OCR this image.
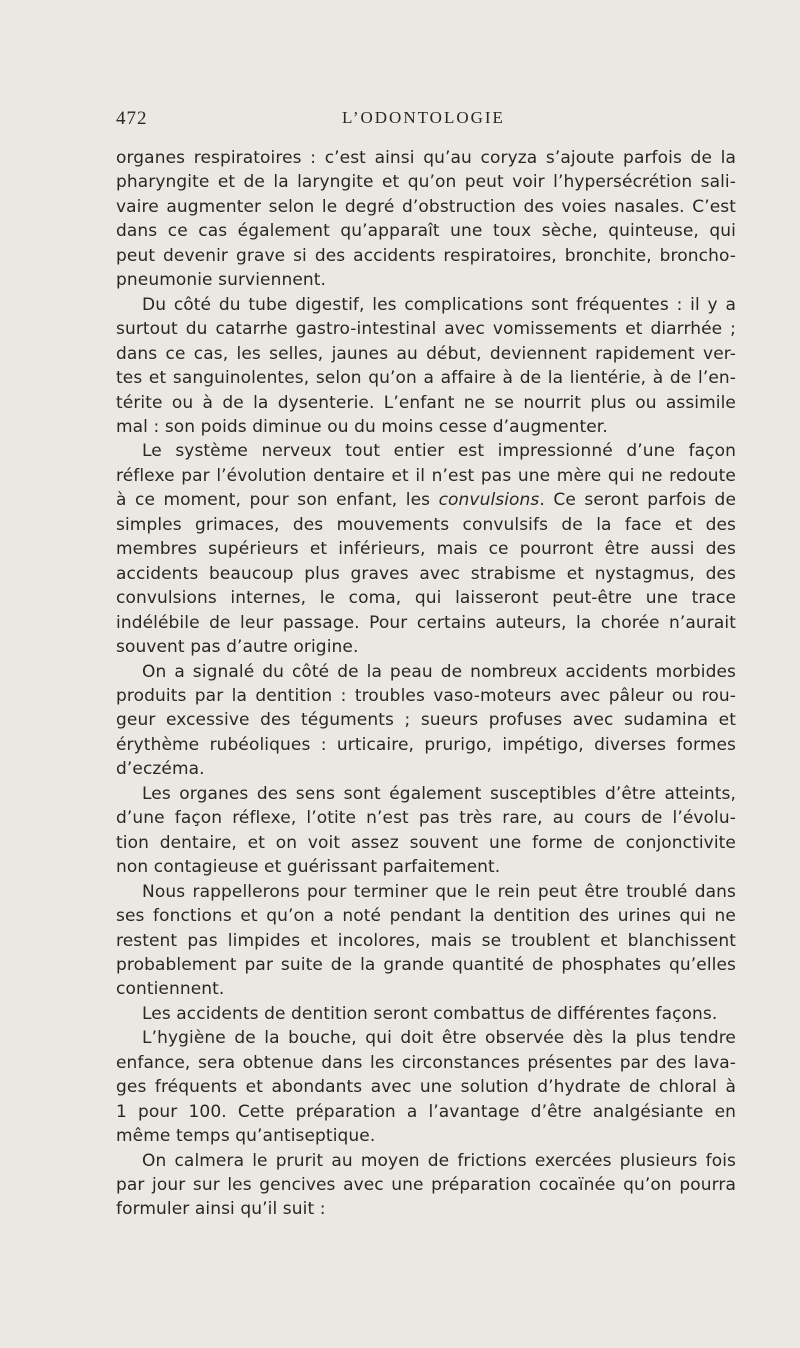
472	L’ODONTOLOGIE
organes respiratoires : c’est ainsi qu’au coryza s’ajoute parfois de la
pharyngite et de la laryngite et qu’on peut voir l’hypersécrétion sali-
vaire augmenter selon le degré d’obstruction des voies nasales. C’est
dans ce cas également qu’apparaît une toux sèche, quinteuse, qui
peut devenir grave si des accidents respiratoires, bronchite, broncho-
pneumonie surviennent.
Du côté du tube digestif, les complications sont fréquentes : il y a
surtout du catarrhe gastro-intestinal avec vomissements et diarrhée ;
dans ce cas, les selles, jaunes au début, deviennent rapidement ver-
tes et sanguinolentes, selon qu’on a affaire à de la lientérie, à de l’en-
térite ou à de la dysenterie. L’enfant ne se nourrit plus ou assimile
mal : son poids diminue ou du moins cesse d’augmenter.
Le système nerveux tout entier est impressionné d’une façon
réflexe par l’évolution dentaire et il n’est pas une mère qui ne redoute
à ce moment, pour son enfant, les convulsions. Ce seront parfois de
simples grimaces, des mouvements convulsifs de la face et des
membres supérieurs et inférieurs, mais ce pourront être aussi des
accidents beaucoup plus graves avec strabisme et nystagmus, des
convulsions internes, le coma, qui laisseront peut-être une trace
indélébile de leur passage. Pour certains auteurs, la chorée n’aurait
souvent pas d’autre origine.
On a signalé du côté de la peau de nombreux accidents morbides
produits par la dentition : troubles vaso-moteurs avec pâleur ou rou-
geur excessive des téguments ; sueurs profuses avec sudamina et
érythème rubéoliques : urticaire, prurigo, impétigo, diverses formes
d’eczéma.
Les organes des sens sont également susceptibles d’être atteints,
d’une façon réflexe, l’otite n’est pas très rare, au cours de l’évolu-
tion dentaire, et on voit assez souvent une forme de conjonctivite
non contagieuse et guérissant parfaitement.
Nous rappellerons pour terminer que le rein peut être troublé dans
ses fonctions et qu’on a noté pendant la dentition des urines qui ne
restent pas limpides et incolores, mais se troublent et blanchissent
probablement par suite de la grande quantité de phosphates qu’elles
contiennent.
Les accidents de dentition seront combattus de différentes façons.
L’hygiène de la bouche, qui doit être observée dès la plus tendre
enfance, sera obtenue dans les circonstances présentes par des lava-
ges fréquents et abondants avec une solution d’hydrate de chloral à
1 pour 100. Cette préparation a l’avantage d’être analgésiante en
même temps qu’antiseptique.
On calmera le prurit au moyen de frictions exercées plusieurs fois
par jour sur les gencives avec une préparation cocaïnée qu’on pourra
formuler ainsi qu’il suit :
